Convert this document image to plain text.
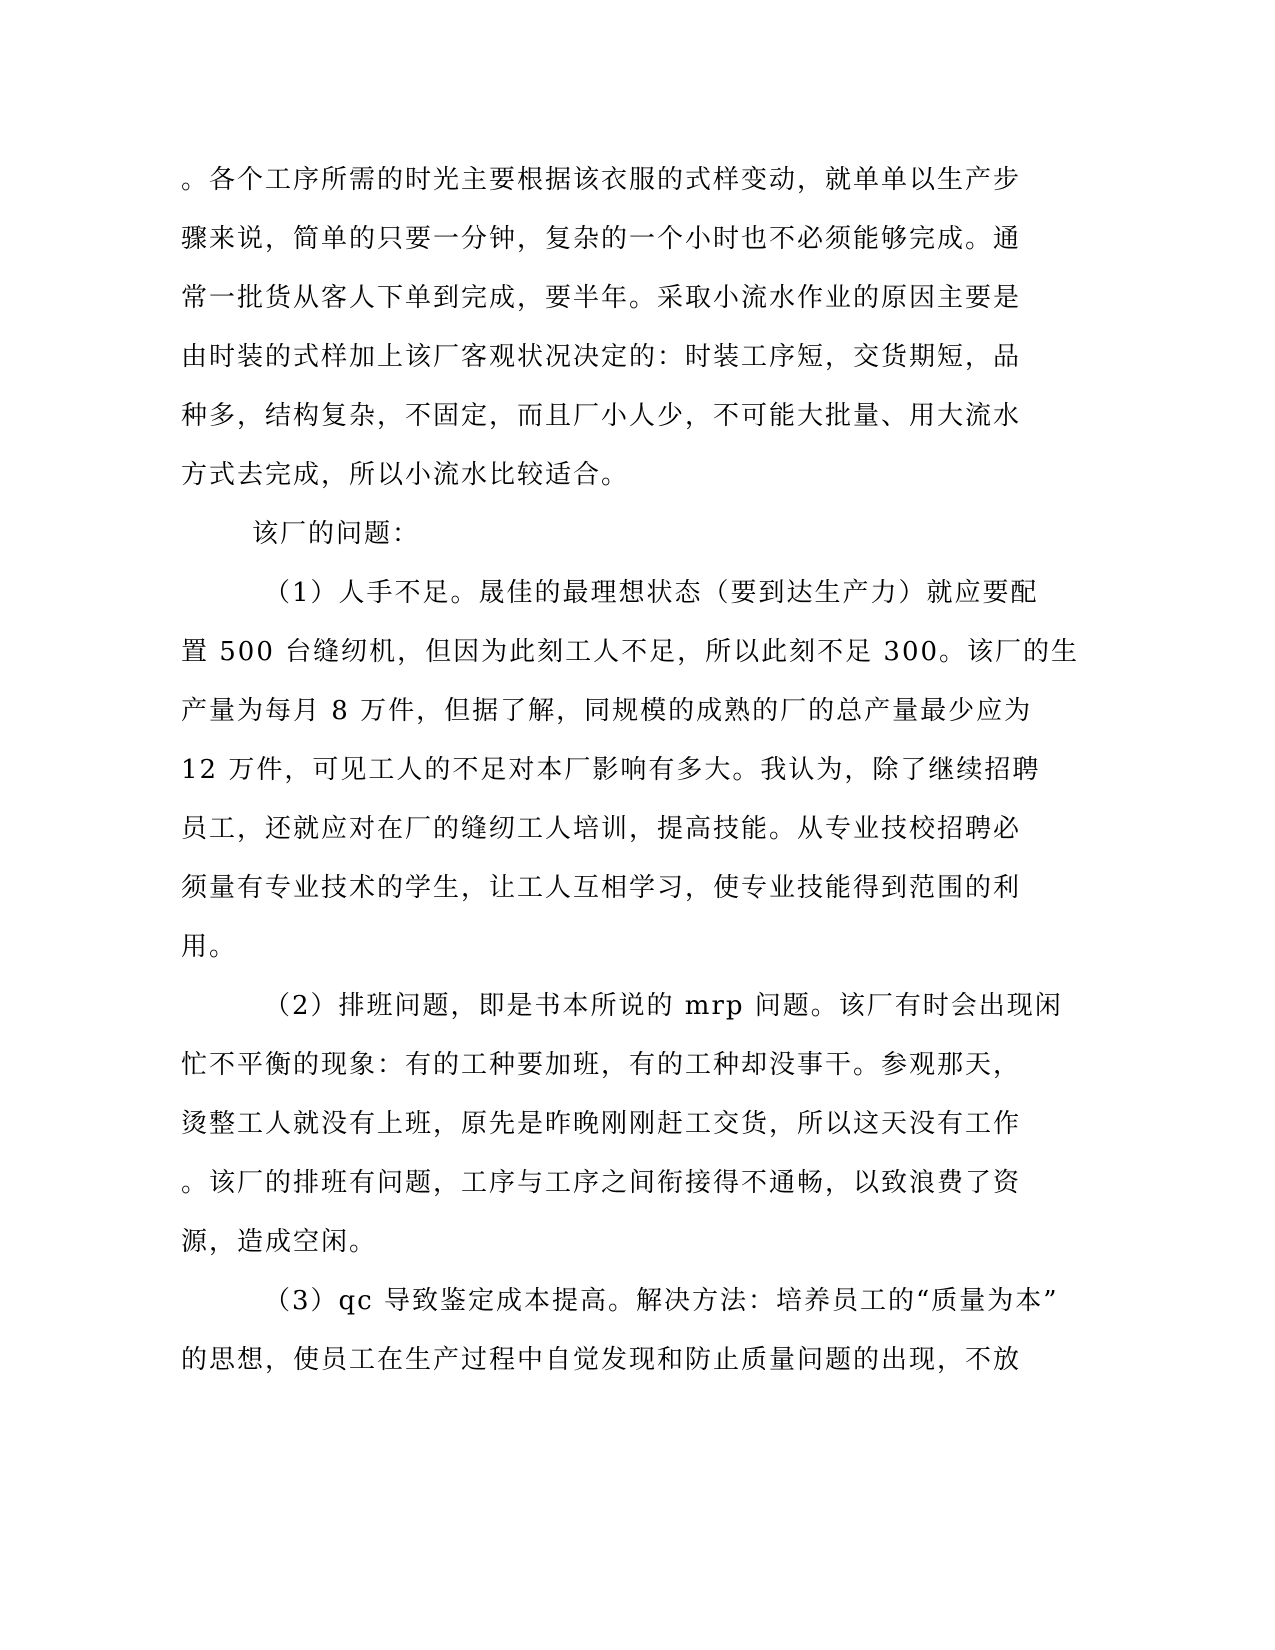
。各个工序所需的时光主要根据该衣服的式样变动，就单单以生产步
骤来说，简单的只要一分钟，复杂的一个小时也不必须能够完成。通
常一批货从客人下单到完成，要半年。采取小流水作业的原因主要是
由时装的式样加上该厂客观状况决定的：时装工序短，交货期短，品
种多，结构复杂，不固定，而且厂小人少，不可能大批量、用大流水
方式去完成，所以小流水比较适合。
该厂的问题：
（1）人手不足。晟佳的最理想状态（要到达生产力）就应要配
置 500 台缝纫机，但因为此刻工人不足，所以此刻不足 300。该厂的生
产量为每月 8 万件，但据了解，同规模的成熟的厂的总产量最少应为
12 万件，可见工人的不足对本厂影响有多大。我认为，除了继续招聘
员工，还就应对在厂的缝纫工人培训，提高技能。从专业技校招聘必
须量有专业技术的学生，让工人互相学习，使专业技能得到范围的利
用。
（2）排班问题，即是书本所说的 mrp 问题。该厂有时会出现闲
忙不平衡的现象：有的工种要加班，有的工种却没事干。参观那天，
烫整工人就没有上班，原先是昨晚刚刚赶工交货，所以这天没有工作
。该厂的排班有问题，工序与工序之间衔接得不通畅，以致浪费了资
源，造成空闲。
（3）qc 导致鉴定成本提高。解决方法：培养员工的“质量为本”
的思想，使员工在生产过程中自觉发现和防止质量问题的出现，不放
